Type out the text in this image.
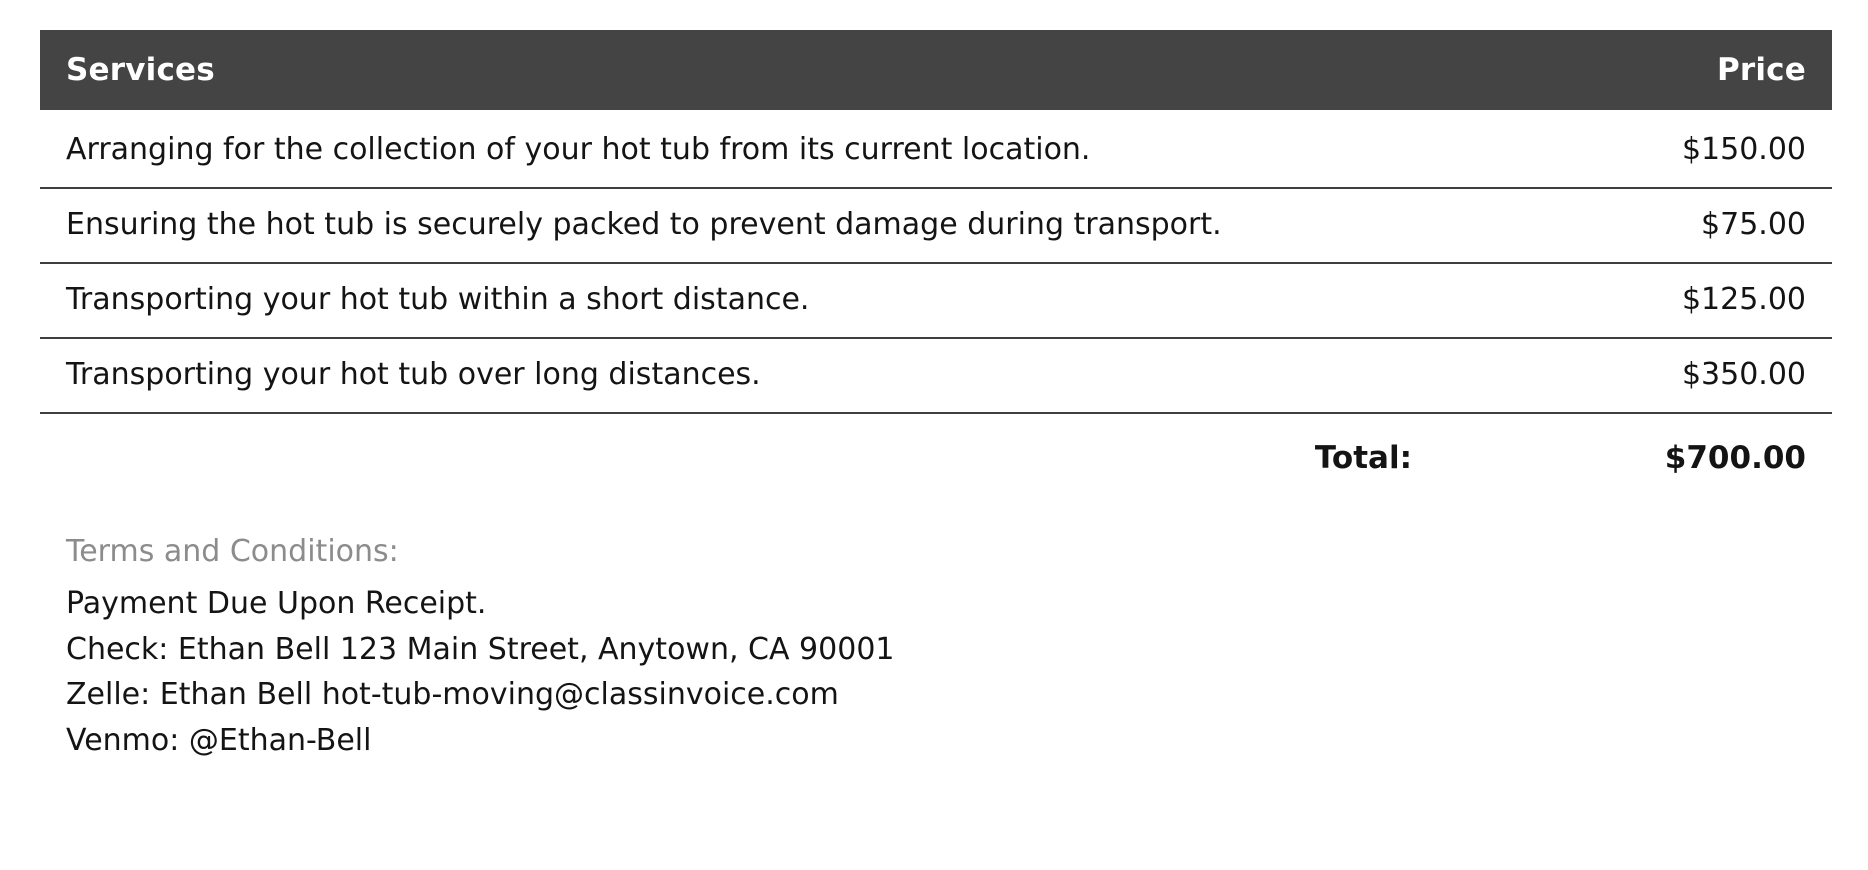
Services	Price
Arranging for the collection of your hot tub from its current location.	$150.00
Ensuring the hot tub is securely packed to prevent damage during transport.	$75.00
Transporting your hot tub within a short distance.	$125.00
Transporting your hot tub over long distances.	$350.00
Total:	$700.00
Terms and Conditions:
Payment Due Upon Receipt.
Check: Ethan Bell 123 Main Street, Anytown, CA 90001
Zelle: Ethan Bell hot-tub-moving@classinvoice.com
Venmo: @Ethan-Bell
